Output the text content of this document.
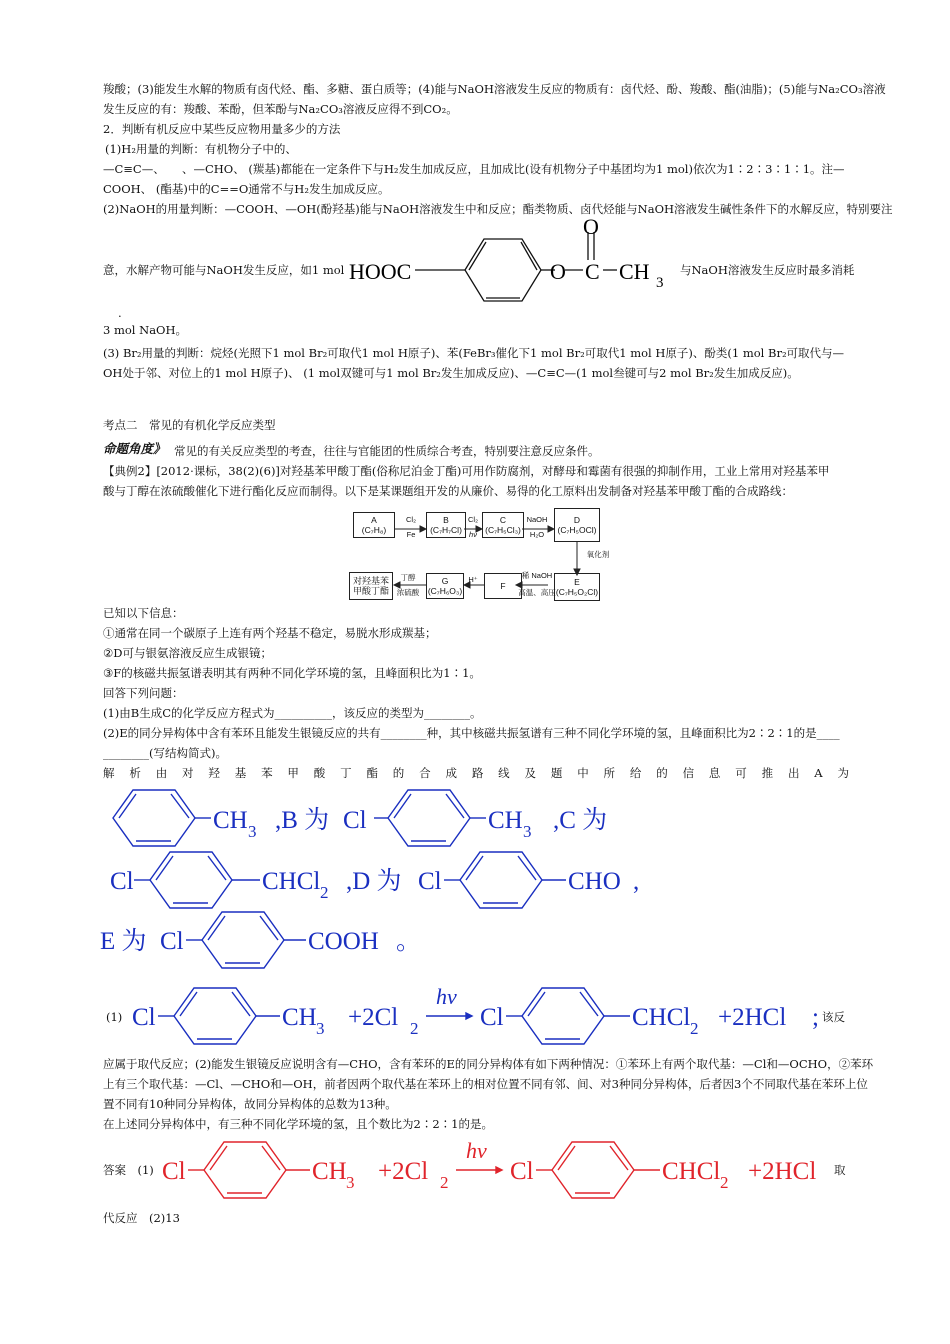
羧酸；(3)能发生水解的物质有卤代烃、酯、多糖、蛋白质等；(4)能与NaOH溶液发生反应的物质有：卤代烃、酚、羧酸、酯(油脂)；(5)能与Na₂CO₃溶液
发生反应的有：羧酸、苯酚，但苯酚与Na₂CO₃溶液反应得不到CO₂。
2．判断有机反应中某些反应物用量多少的方法
(1)H₂用量的判断：有机物分子中的、
—C≡C—、　　、—CHO、 (羰基)都能在一定条件下与H₂发生加成反应，且加成比(设有机物分子中基团均为1 mol)依次为1∶2∶3∶1∶1。注—
COOH、 (酯基)中的C==O通常不与H₂发生加成反应。
(2)NaOH的用量判断：—COOH、—OH(酚羟基)能与NaOH溶液发生中和反应；酯类物质、卤代烃能与NaOH溶液发生碱性条件下的水解反应，特别要注
意，水解产物可能与NaOH发生反应，如1 mol	与NaOH溶液发生反应时最多消耗
.
3 mol NaOH。
(3) Br₂用量的判断：烷烃(光照下1 mol Br₂可取代1 mol H原子)、苯(FeBr₃催化下1 mol Br₂可取代1 mol H原子)、酚类(1 mol Br₂可取代与—
OH处于邻、对位上的1 mol H原子)、 (1 mol双键可与1 mol Br₂发生加成反应)、—C≡C—(1 mol叁键可与2 mol Br₂发生加成反应)。
HOOC	O
O
C CH 3
考点二　常见的有机化学反应类型
命题角度》 常见的有关反应类型的考查，往往与官能团的性质综合考查，特别要注意反应条件。
【典例2】[2012·课标，38(2)(6)]对羟基苯甲酸丁酯(俗称尼泊金丁酯)可用作防腐剂，对酵母和霉菌有很强的抑制作用，工业上常用对羟基苯甲
酸与丁醇在浓硫酸催化下进行酯化反应而制得。以下是某课题组开发的从廉价、易得的化工原料出发制备对羟基苯甲酸丁酯的合成路线：
A
(C₇H₈)
B
(C₇H₇Cl)
C
(C₇H₅Cl₃)
D
(C₇H₅OCl)
E
(C₇H₅O₂Cl)
F
G
(C₇H₆O₃)
对羟基苯
甲酸丁酯
Cl₂
Fe
Cl₂
hν
NaOH
H₂O
氧化剂
稀 NaOH
高温、高压
H⁺
丁醇
浓硫酸
已知以下信息：
①通常在同一个碳原子上连有两个羟基不稳定，易脱水形成羰基；
②D可与银氨溶液反应生成银镜；
③F的核磁共振氢谱表明其有两种不同化学环境的氢，且峰面积比为1∶1。
回答下列问题：
(1)由B生成C的化学反应方程式为__________，该反应的类型为________。
(2)E的同分异构体中含有苯环且能发生银镜反应的共有________种，其中核磁共振氢谱有三种不同化学环境的氢，且峰面积比为2∶2∶1的是____
________(写结构简式)。
解 析 由 对 羟 基 苯 甲 酸 丁 酯 的 合 成 路 线 及 题 中 所 给 的 信 息 可 推 出 A 为
CH 3 ,B 为 Cl	CH 3 ,C 为
Cl	CHCl 2 ,D 为 Cl	CHO ,
E 为 Cl	COOH 。
(1) Cl	CH 3 +2Cl 2
hν
Cl	CHCl 2 +2HCl ; 该反
应属于取代反应；(2)能发生银镜反应说明含有—CHO，含有苯环的E的同分异构体有如下两种情况：①苯环上有两个取代基：—Cl和—OCHO，②苯环
上有三个取代基：—Cl、—CHO和—OH，前者因两个取代基在苯环上的相对位置不同有邻、间、对3种同分异构体，后者因3个不同取代基在苯环上位
置不同有10种同分异构体，故同分异构体的总数为13种。
在上述同分异构体中，有三种不同化学环境的氢，且个数比为2∶2∶1的是。
答案　(1) Cl	CH 3 +2Cl 2
hν
Cl	CHCl 2 +2HCl 取
代反应　(2)13
